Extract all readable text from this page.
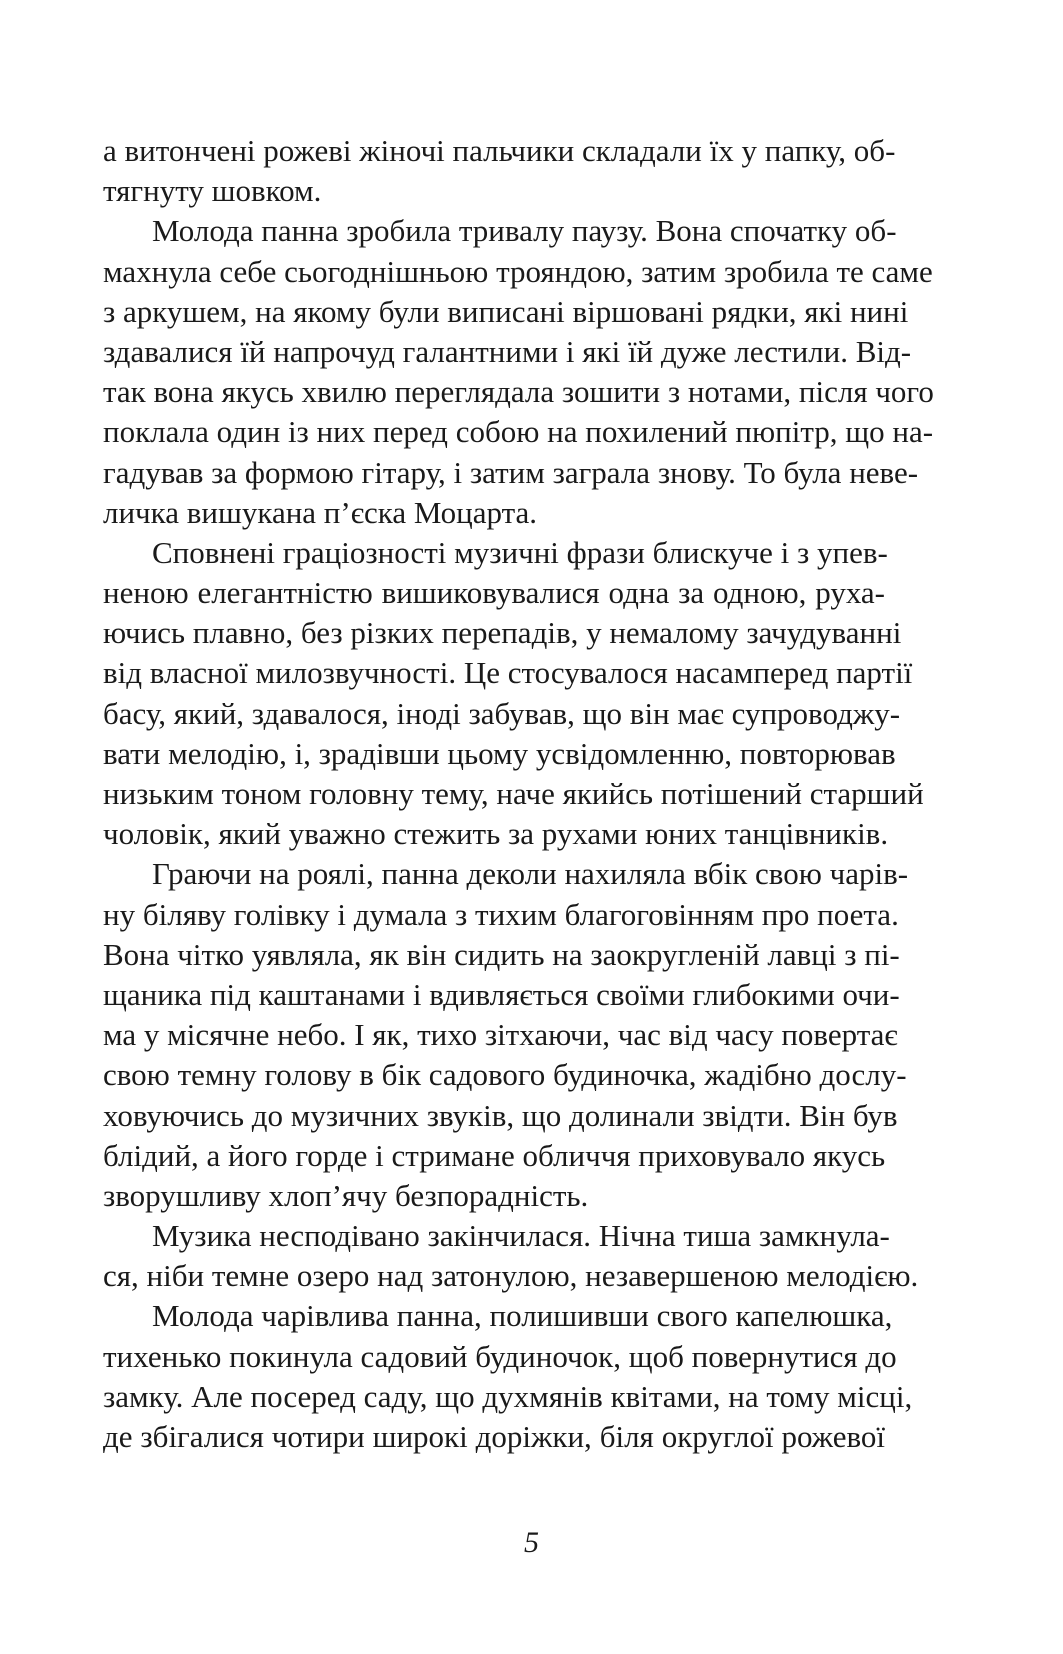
а витончені рожеві жіночі пальчики складали їх у папку, об-
тягнуту шовком.
Молода панна зробила тривалу паузу. Вона спочатку об-
махнула себе сьогоднішньою трояндою, затим зробила те саме
з аркушем, на якому були виписані віршовані рядки, які нині
здавалися їй напрочуд галантними і які їй дуже лестили. Від-
так вона якусь хвилю переглядала зошити з нотами, після чого
поклала один із них перед собою на похилений пюпітр, що на-
гадував за формою гітару, і затим заграла знову. То була неве-
личка вишукана п’єска Моцарта.
Сповнені граціозності музичні фрази блискуче і з упев-
неною елегантністю вишиковувалися одна за одною, руха-
ючись плавно, без різких перепадів, у немалому зачудуванні
від власної милозвучності. Це стосувалося насамперед партії
басу, який, здавалося, іноді забував, що він має супроводжу-
вати мелодію, і, зрадівши цьому усвідомленню, повторював
низьким тоном головну тему, наче якийсь потішений старший
чоловік, який уважно стежить за рухами юних танцівників.
Граючи на роялі, панна деколи нахиляла вбік свою чарів-
ну біляву голівку і думала з тихим благоговінням про поета.
Вона чітко уявляла, як він сидить на заокругленій лавці з пі-
щаника під каштанами і вдивляється своїми глибокими очи-
ма у місячне небо. І як, тихо зітхаючи, час від часу повертає
свою темну голову в бік садового будиночка, жадібно дослу-
ховуючись до музичних звуків, що долинали звідти. Він був
блідий, а його горде і стримане обличчя приховувало якусь
зворушливу хлоп’ячу безпорадність.
Музика несподівано закінчилася. Нічна тиша замкнула-
ся, ніби темне озеро над затонулою, незавершеною мелодією.
Молода чарівлива панна, полишивши свого капелюшка,
тихенько покинула садовий будиночок, щоб повернутися до
замку. Але посеред саду, що духмянів квітами, на тому місці,
де збігалися чотири широкі доріжки, біля округлої рожевої
5
